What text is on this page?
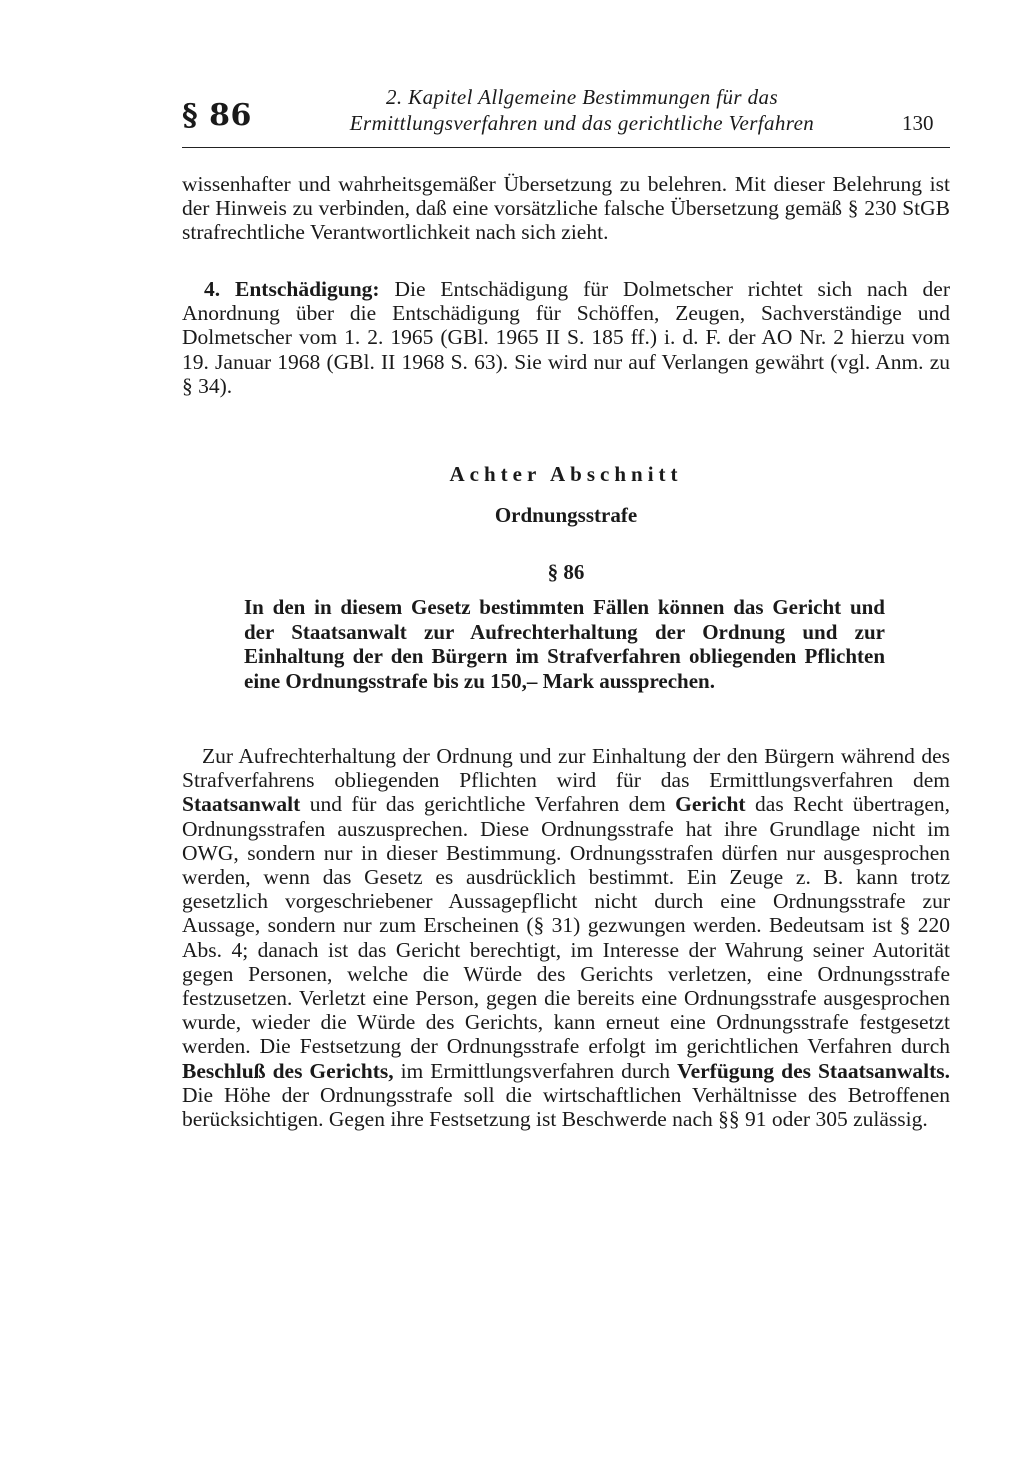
§ 86
2. Kapitel Allgemeine Bestimmungen für das
Ermittlungsverfahren und das gerichtliche Verfahren	130

wissenhafter und wahrheitsgemäßer Übersetzung zu belehren. Mit dieser Belehrung ist der Hinweis zu verbinden, daß eine vorsätzliche falsche Übersetzung gemäß § 230 StGB strafrechtliche Verantwortlichkeit nach sich zieht.

4. Entschädigung: Die Entschädigung für Dolmetscher richtet sich nach der Anordnung über die Entschädigung für Schöffen, Zeugen, Sachverständige und Dolmetscher vom 1. 2. 1965 (GBl. 1965 II S. 185 ff.) i. d. F. der AO Nr. 2 hierzu vom 19. Januar 1968 (GBl. II 1968 S. 63). Sie wird nur auf Verlangen gewährt (vgl. Anm. zu § 34).

Achter Abschnitt
Ordnungsstrafe
§ 86

In den in diesem Gesetz bestimmten Fällen können das Gericht und der Staatsanwalt zur Aufrechterhaltung der Ordnung und zur Einhaltung der den Bürgern im Strafverfahren obliegenden Pflichten eine Ordnungsstrafe bis zu 150,– Mark aussprechen.

Zur Aufrechterhaltung der Ordnung und zur Einhaltung der den Bürgern während des Strafverfahrens obliegenden Pflichten wird für das Ermittlungsverfahren dem Staatsanwalt und für das gerichtliche Verfahren dem Gericht das Recht übertragen, Ordnungsstrafen auszusprechen. Diese Ordnungsstrafe hat ihre Grundlage nicht im OWG, sondern nur in dieser Bestimmung. Ordnungsstrafen dürfen nur ausgesprochen werden, wenn das Gesetz es ausdrücklich bestimmt. Ein Zeuge z. B. kann trotz gesetzlich vorgeschriebener Aussagepflicht nicht durch eine Ordnungsstrafe zur Aussage, sondern nur zum Erscheinen (§ 31) gezwungen werden. Bedeutsam ist § 220 Abs. 4; danach ist das Gericht berechtigt, im Interesse der Wahrung seiner Autorität gegen Personen, welche die Würde des Gerichts verletzen, eine Ordnungsstrafe festzusetzen. Verletzt eine Person, gegen die bereits eine Ordnungsstrafe ausgesprochen wurde, wieder die Würde des Gerichts, kann erneut eine Ordnungsstrafe festgesetzt werden. Die Festsetzung der Ordnungsstrafe erfolgt im gerichtlichen Verfahren durch Beschluß des Gerichts, im Ermittlungsverfahren durch Verfügung des Staatsanwalts. Die Höhe der Ordnungsstrafe soll die wirtschaftlichen Verhältnisse des Betroffenen berücksichtigen. Gegen ihre Festsetzung ist Beschwerde nach §§ 91 oder 305 zulässig.
